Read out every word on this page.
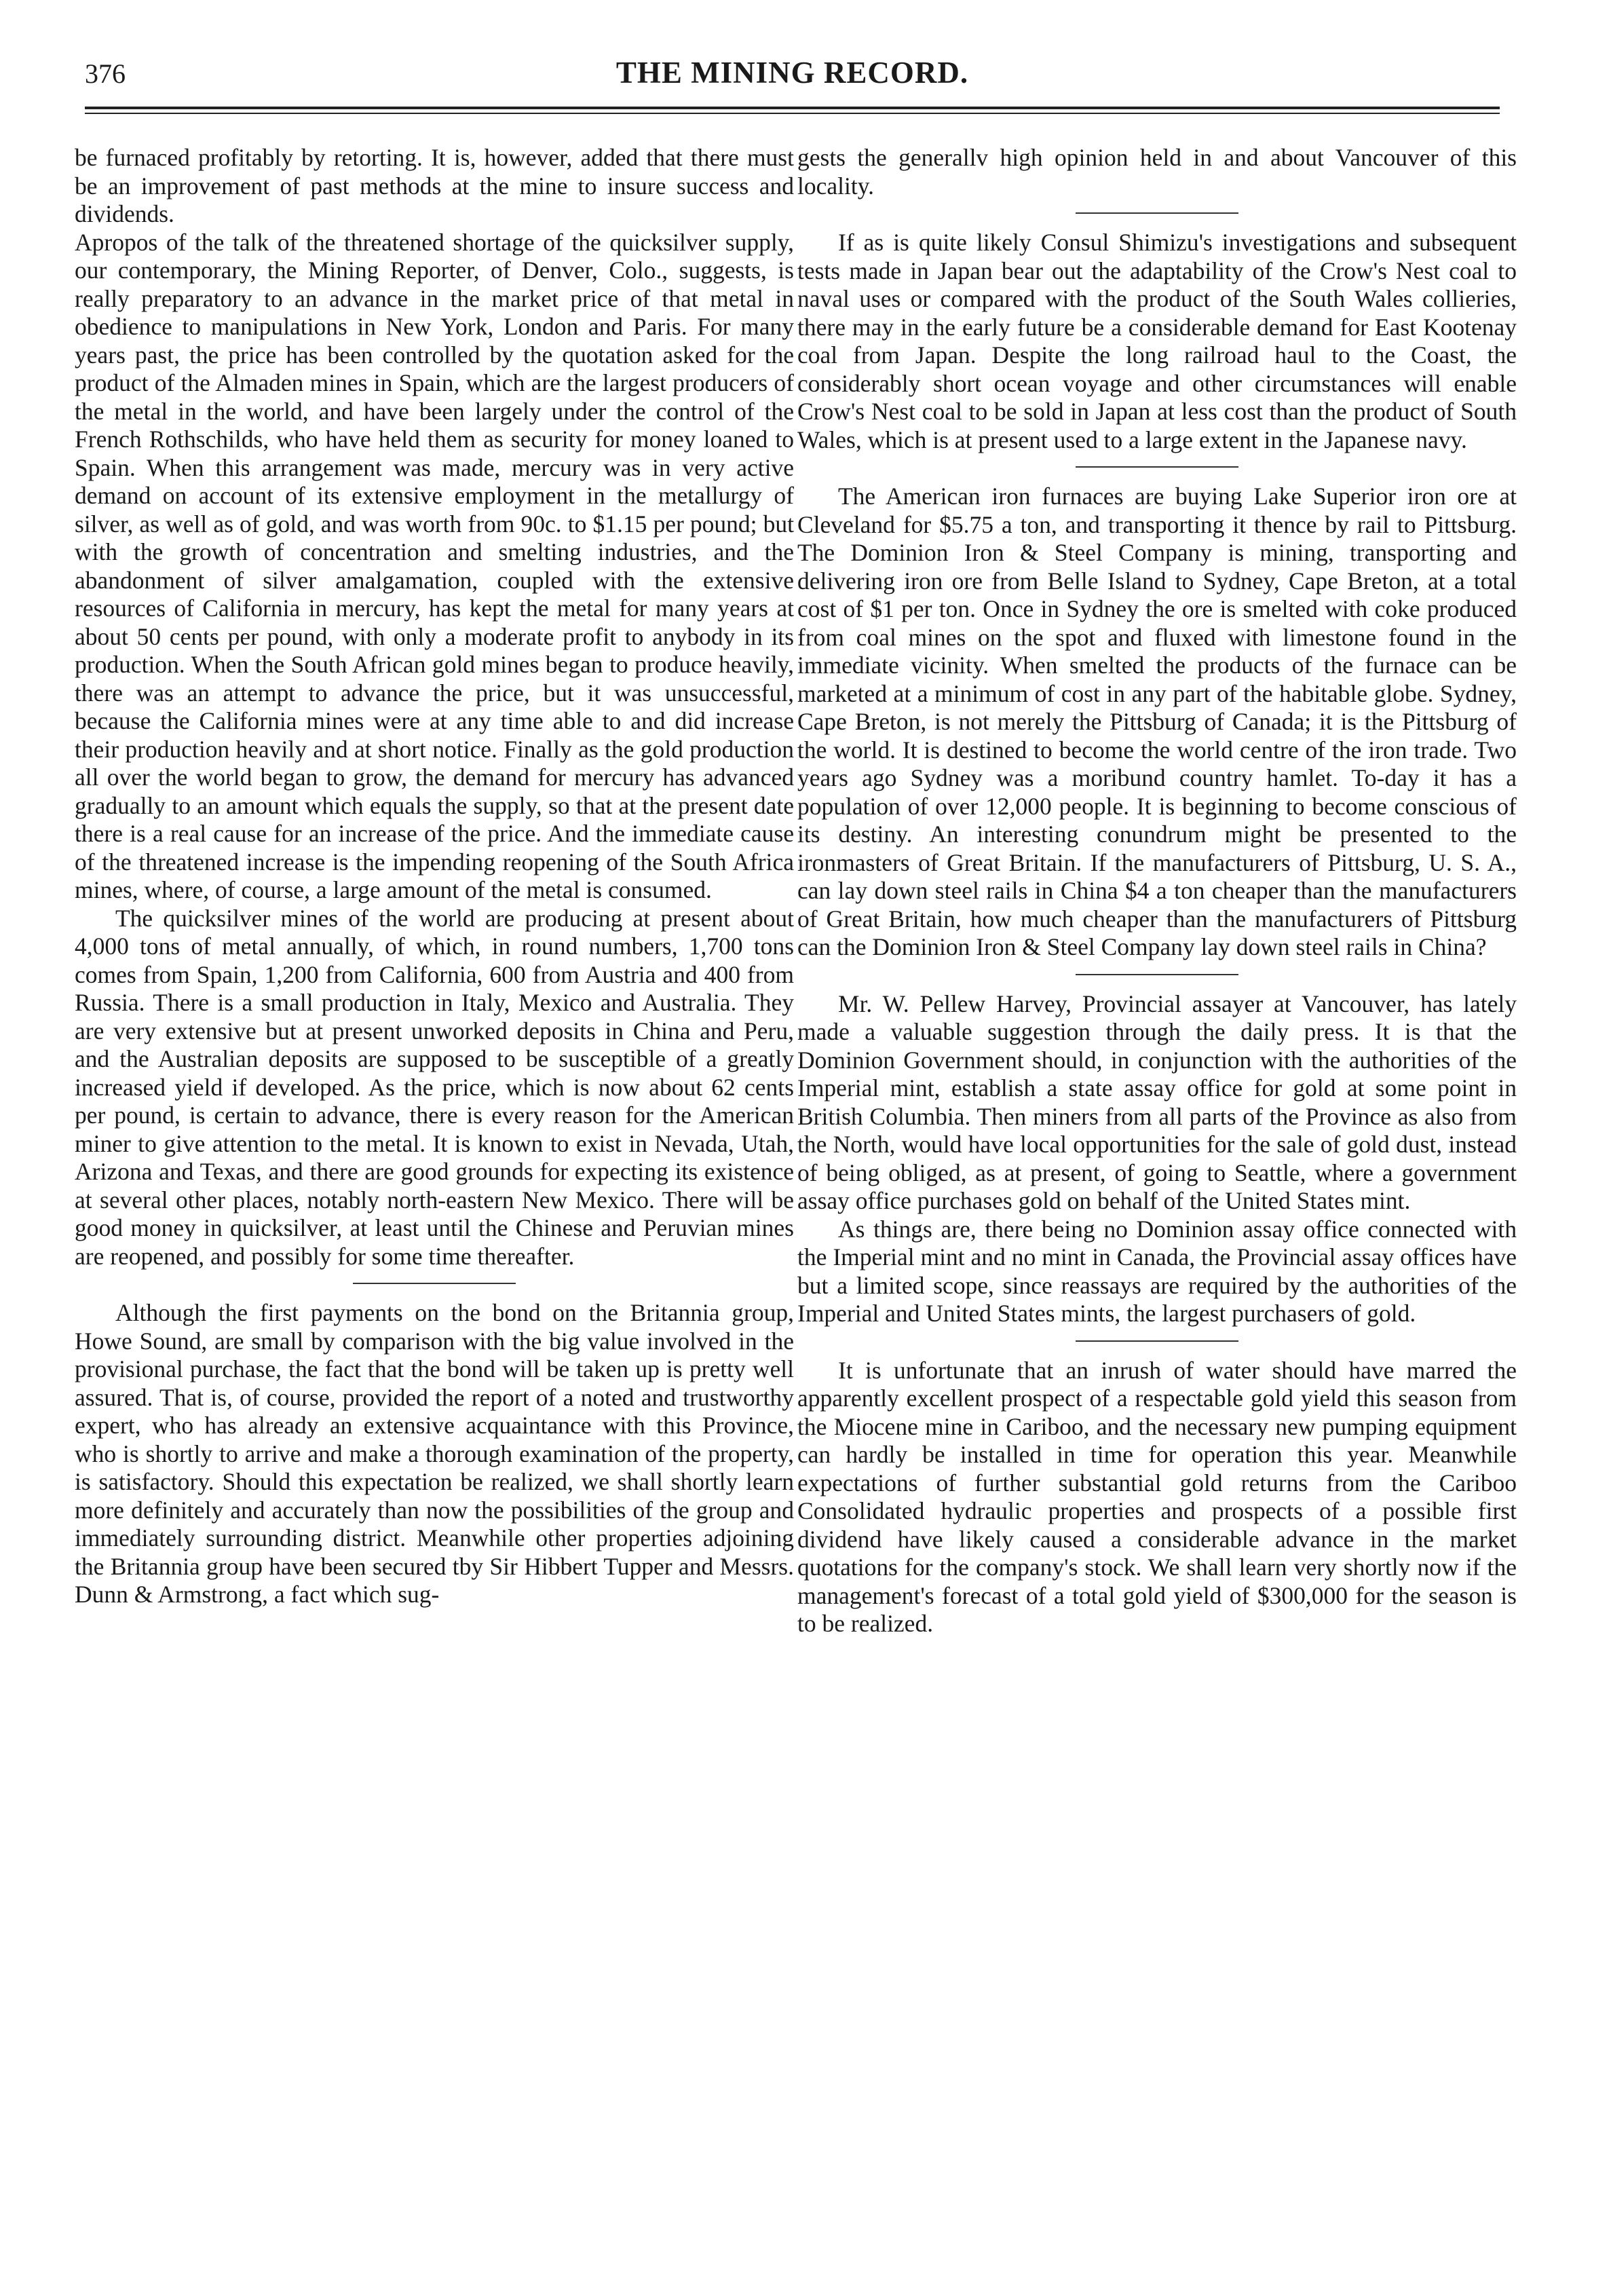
376	THE MINING RECORD.

be furnaced profitably by retorting. It is, however, added that there must be an improvement of past methods at the mine to insure success and dividends.

Apropos of the talk of the threatened shortage of the quicksilver supply, our contemporary, the Mining Reporter, of Denver, Colo., suggests, is really preparatory to an advance in the market price of that metal in obedience to manipulations in New York, London and Paris. For many years past, the price has been controlled by the quotation asked for the product of the Almaden mines in Spain, which are the largest producers of the metal in the world, and have been largely under the control of the French Rothschilds, who have held them as security for money loaned to Spain. When this arrangement was made, mercury was in very active demand on account of its extensive employment in the metallurgy of silver, as well as of gold, and was worth from 90c. to $1.15 per pound; but with the growth of concentration and smelting industries, and the abandonment of silver amalgamation, coupled with the extensive resources of California in mercury, has kept the metal for many years at about 50 cents per pound, with only a moderate profit to anybody in its production. When the South African gold mines began to produce heavily, there was an attempt to advance the price, but it was unsuccessful, because the California mines were at any time able to and did increase their production heavily and at short notice. Finally as the gold production all over the world began to grow, the demand for mercury has advanced gradually to an amount which equals the supply, so that at the present date there is a real cause for an increase of the price. And the immediate cause of the threatened increase is the impending reopening of the South Africa mines, where, of course, a large amount of the metal is consumed.

The quicksilver mines of the world are producing at present about 4,000 tons of metal annually, of which, in round numbers, 1,700 tons comes from Spain, 1,200 from California, 600 from Austria and 400 from Russia. There is a small production in Italy, Mexico and Australia. They are very extensive but at present unworked deposits in China and Peru, and the Australian deposits are supposed to be susceptible of a greatly increased yield if developed. As the price, which is now about 62 cents per pound, is certain to advance, there is every reason for the American miner to give attention to the metal. It is known to exist in Nevada, Utah, Arizona and Texas, and there are good grounds for expecting its existence at several other places, notably north-eastern New Mexico. There will be good money in quicksilver, at least until the Chinese and Peruvian mines are reopened, and possibly for some time thereafter.

Although the first payments on the bond on the Britannia group, Howe Sound, are small by comparison with the big value involved in the provisional purchase, the fact that the bond will be taken up is pretty well assured. That is, of course, provided the report of a noted and trustworthy expert, who has already an extensive acquaintance with this Province, who is shortly to arrive and make a thorough examination of the property, is satisfactory. Should this expectation be realized, we shall shortly learn more definitely and accurately than now the possibilities of the group and immediately surrounding district. Meanwhile other properties adjoining the Britannia group have been secured tby Sir Hibbert Tupper and Messrs. Dunn & Armstrong, a fact which sug-

gests the generallv high opinion held in and about Vancouver of this locality.

If as is quite likely Consul Shimizu's investigations and subsequent tests made in Japan bear out the adaptability of the Crow's Nest coal to naval uses or compared with the product of the South Wales collieries, there may in the early future be a considerable demand for East Kootenay coal from Japan. Despite the long railroad haul to the Coast, the considerably short ocean voyage and other circumstances will enable Crow's Nest coal to be sold in Japan at less cost than the product of South Wales, which is at present used to a large extent in the Japanese navy.

The American iron furnaces are buying Lake Superior iron ore at Cleveland for $5.75 a ton, and transporting it thence by rail to Pittsburg. The Dominion Iron & Steel Company is mining, transporting and delivering iron ore from Belle Island to Sydney, Cape Breton, at a total cost of $1 per ton. Once in Sydney the ore is smelted with coke produced from coal mines on the spot and fluxed with limestone found in the immediate vicinity. When smelted the products of the furnace can be marketed at a minimum of cost in any part of the habitable globe. Sydney, Cape Breton, is not merely the Pittsburg of Canada; it is the Pittsburg of the world. It is destined to become the world centre of the iron trade. Two years ago Sydney was a moribund country hamlet. To-day it has a population of over 12,000 people. It is beginning to become conscious of its destiny. An interesting conundrum might be presented to the ironmasters of Great Britain. If the manufacturers of Pittsburg, U. S. A., can lay down steel rails in China $4 a ton cheaper than the manufacturers of Great Britain, how much cheaper than the manufacturers of Pittsburg can the Dominion Iron & Steel Company lay down steel rails in China?

Mr. W. Pellew Harvey, Provincial assayer at Vancouver, has lately made a valuable suggestion through the daily press. It is that the Dominion Government should, in conjunction with the authorities of the Imperial mint, establish a state assay office for gold at some point in British Columbia. Then miners from all parts of the Province as also from the North, would have local opportunities for the sale of gold dust, instead of being obliged, as at present, of going to Seattle, where a government assay office purchases gold on behalf of the United States mint.

As things are, there being no Dominion assay office connected with the Imperial mint and no mint in Canada, the Provincial assay offices have but a limited scope, since reassays are required by the authorities of the Imperial and United States mints, the largest purchasers of gold.

It is unfortunate that an inrush of water should have marred the apparently excellent prospect of a respectable gold yield this season from the Miocene mine in Cariboo, and the necessary new pumping equipment can hardly be installed in time for operation this year. Meanwhile expectations of further substantial gold returns from the Cariboo Consolidated hydraulic properties and prospects of a possible first dividend have likely caused a considerable advance in the market quotations for the company's stock. We shall learn very shortly now if the management's forecast of a total gold yield of $300,000 for the season is to be realized.
